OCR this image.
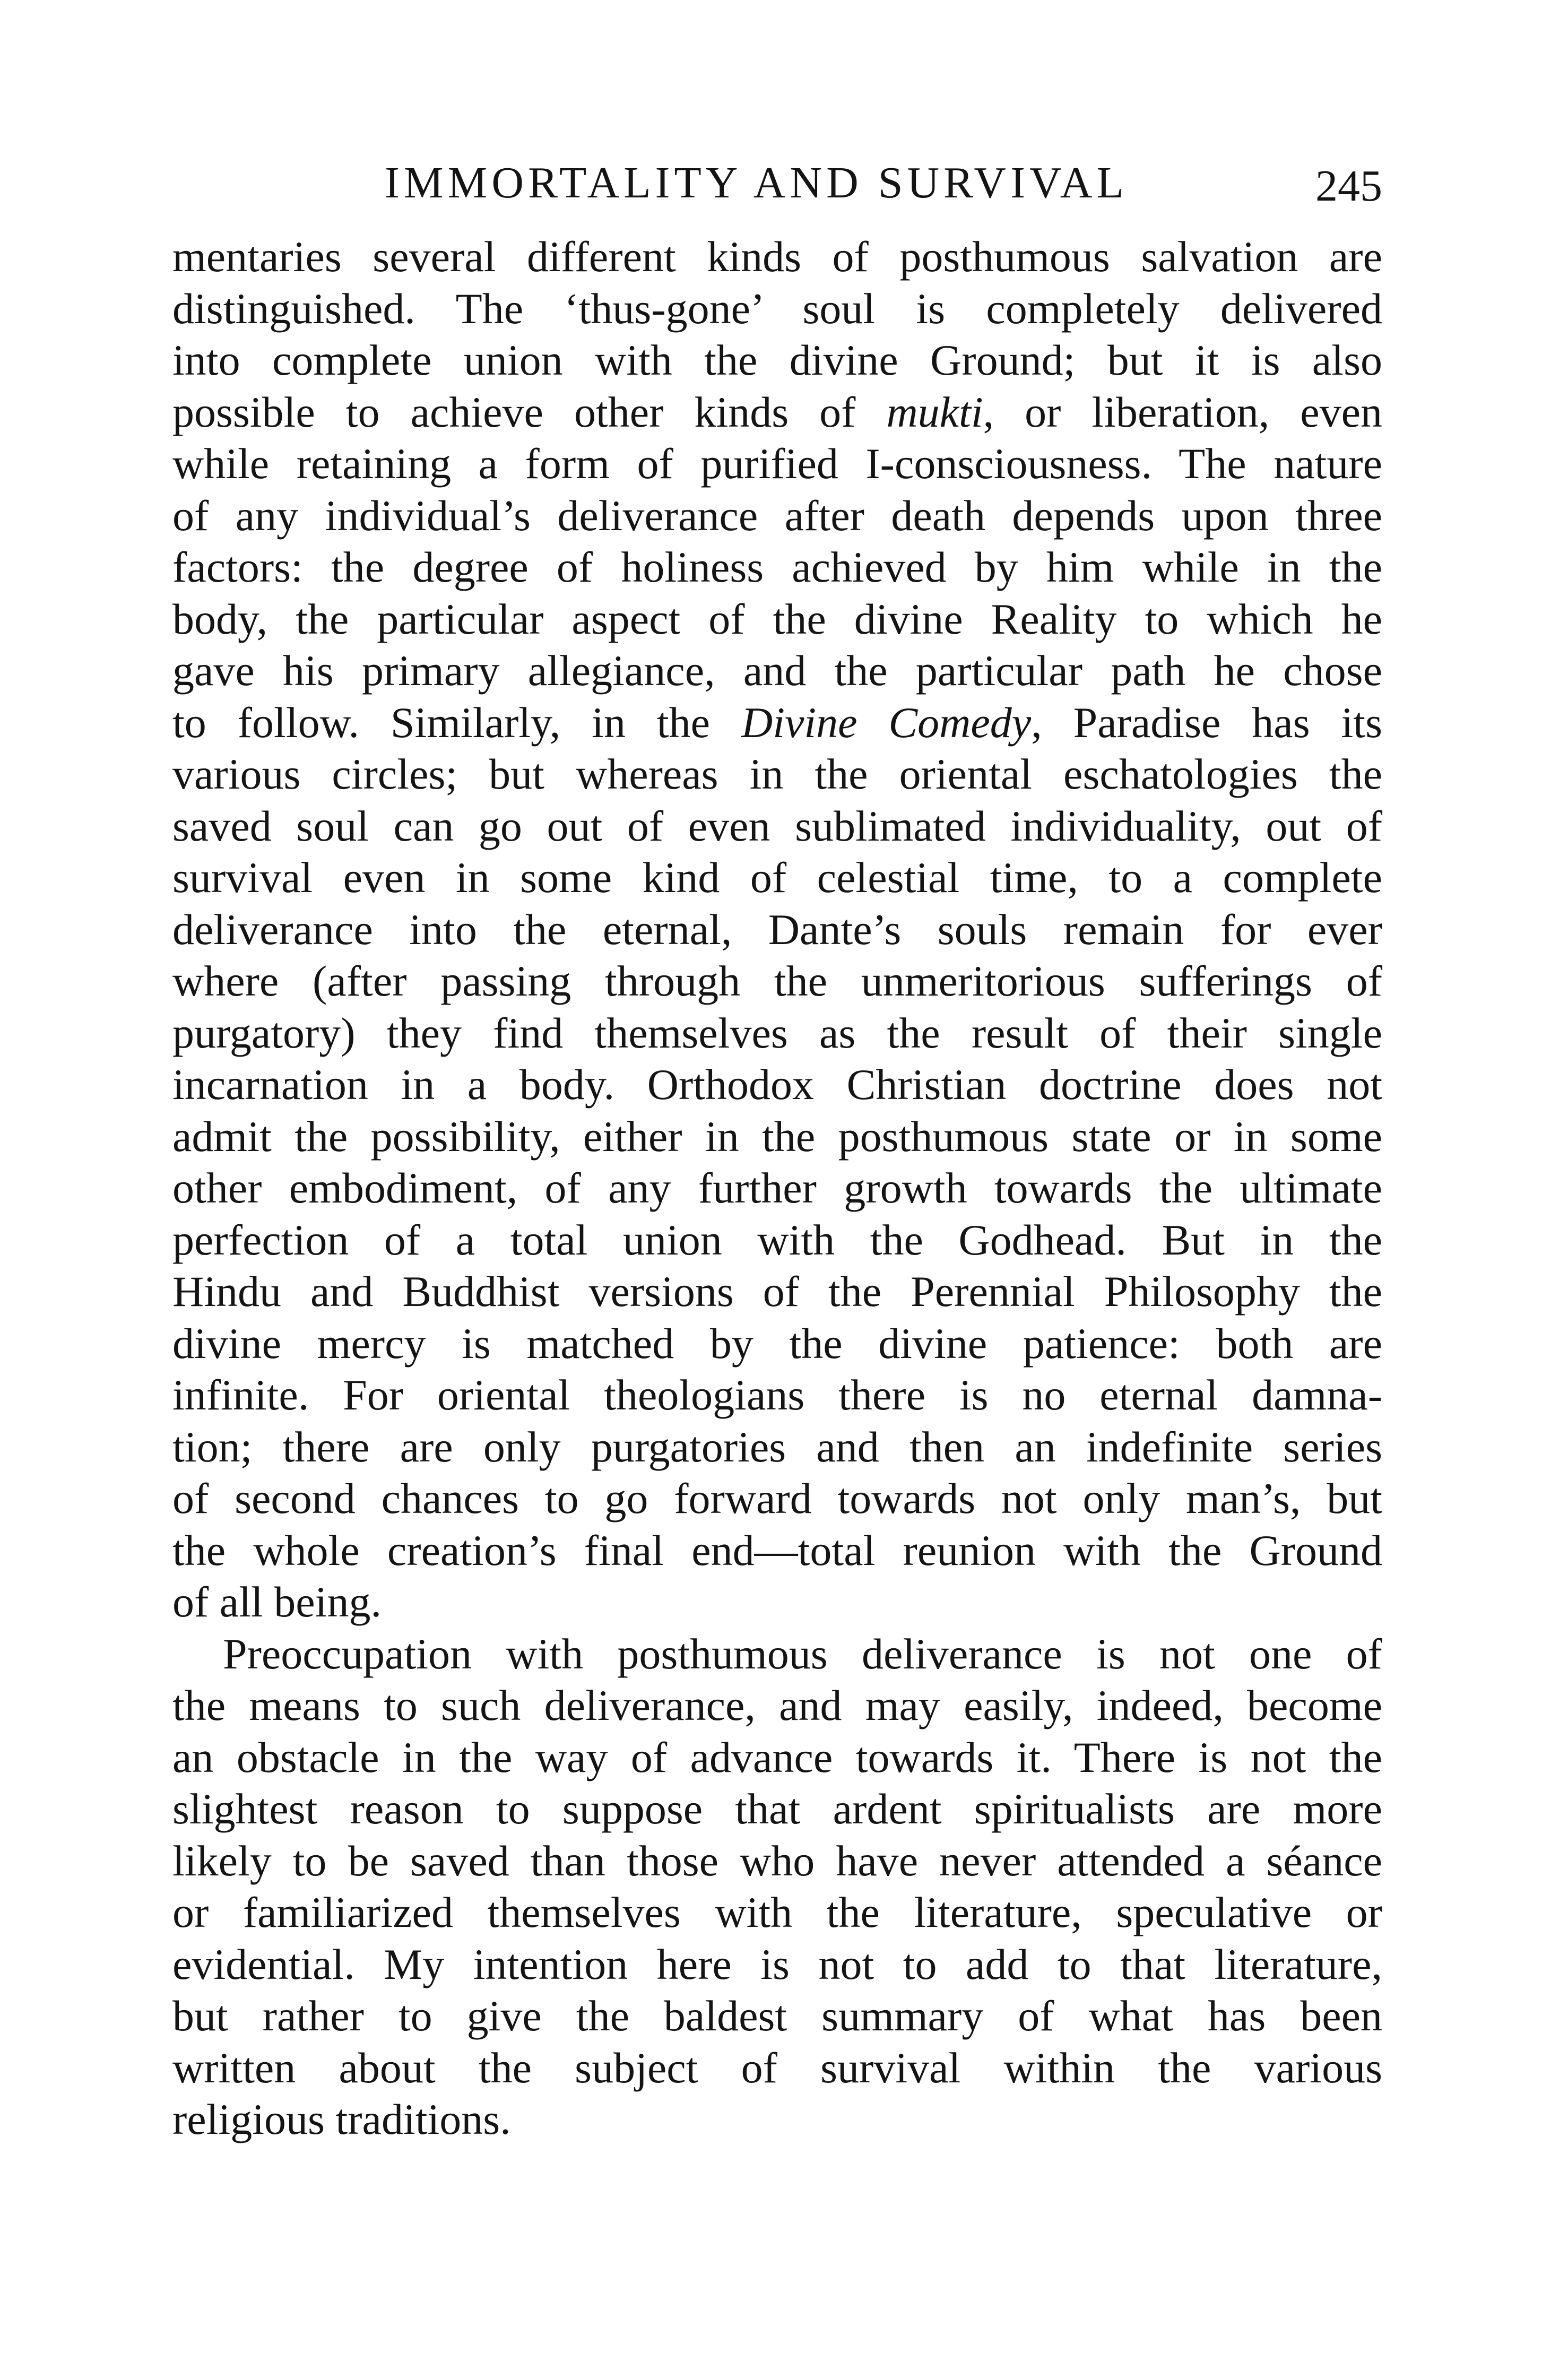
IMMORTALITY AND SURVIVAL	245
mentaries several different kinds of posthumous salvation are
distinguished. The ‘thus-gone’ soul is completely delivered
into complete union with the divine Ground; but it is also
possible to achieve other kinds of mukti, or liberation, even
while retaining a form of purified I-consciousness. The nature
of any individual’s deliverance after death depends upon three
factors: the degree of holiness achieved by him while in the
body, the particular aspect of the divine Reality to which he
gave his primary allegiance, and the particular path he chose
to follow. Similarly, in the Divine Comedy, Paradise has its
various circles; but whereas in the oriental eschatologies the
saved soul can go out of even sublimated individuality, out of
survival even in some kind of celestial time, to a complete
deliverance into the eternal, Dante’s souls remain for ever
where (after passing through the unmeritorious sufferings of
purgatory) they find themselves as the result of their single
incarnation in a body. Orthodox Christian doctrine does not
admit the possibility, either in the posthumous state or in some
other embodiment, of any further growth towards the ultimate
perfection of a total union with the Godhead. But in the
Hindu and Buddhist versions of the Perennial Philosophy the
divine mercy is matched by the divine patience: both are
infinite. For oriental theologians there is no eternal damna-
tion; there are only purgatories and then an indefinite series
of second chances to go forward towards not only man’s, but
the whole creation’s final end—total reunion with the Ground
of all being.
Preoccupation with posthumous deliverance is not one of
the means to such deliverance, and may easily, indeed, become
an obstacle in the way of advance towards it. There is not the
slightest reason to suppose that ardent spiritualists are more
likely to be saved than those who have never attended a séance
or familiarized themselves with the literature, speculative or
evidential. My intention here is not to add to that literature,
but rather to give the baldest summary of what has been
written about the subject of survival within the various
religious traditions.
